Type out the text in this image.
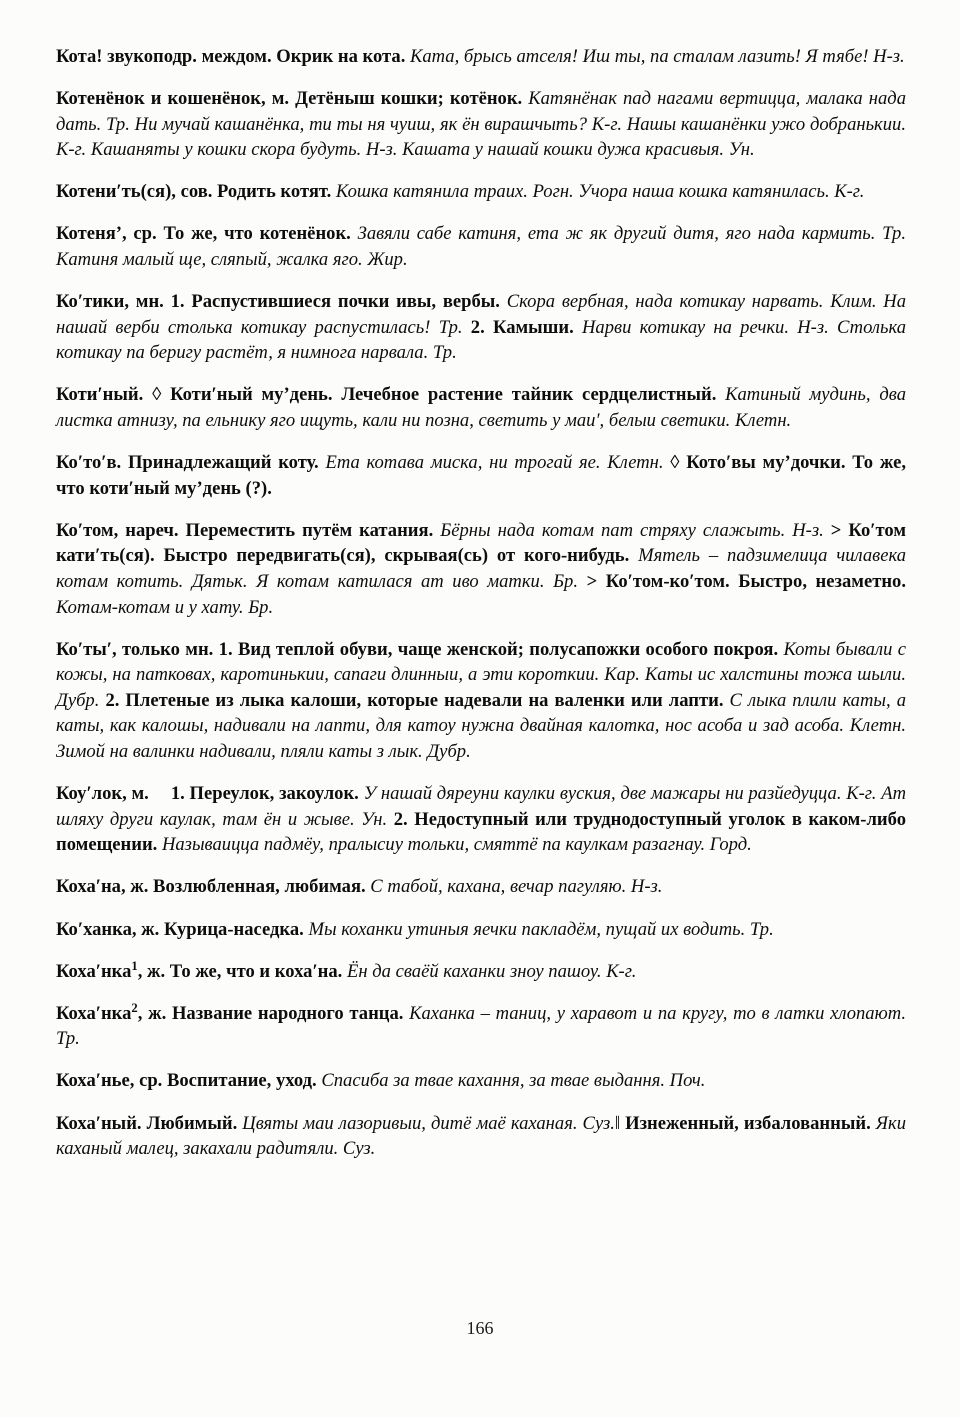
Кота! звукоподр. междом. Окрик на кота. Ката, брысь атселя! Иш ты, па сталам лазить! Я тябе! Н-з.

Котенёнок и кошенёнок, м. Детёныш кошки; котёнок. Катянёнак пад нагами вертицца, малака нада дать. Тр. Ни мучай кашанёнка, ти ты ня чуиш, як ён вирашчыть? К-г. Нашы кашанёнки ужо добранькии. К-г. Кашаняты у кошки скора будуть. Н-з. Кашата у нашай кошки дужа красивыя. Ун.

Котени′ть(ся), сов. Родить котят. Кошка катянила траих. Рогн. Учора наша кошка катянилась. К-г.

Котеня’, ср. То же, что котенёнок. Завяли сабе катиня, ета ж як другий дитя, яго нада кармить. Тр. Катиня малый ще, сляпый, жалка яго. Жир.

Ко′тики, мн. 1. Распустившиеся почки ивы, вербы. Скора вербная, нада котикау нарвать. Клим. На нашай верби столька котикау распустилась! Тр. 2. Камыши. Нарви котикау на речки. Н-з. Столька котикау па беригу растёт, я нимнога нарвала. Тр.

Коти′ный. ◊ Коти′ный му’день. Лечебное растение тайник сердцелистный. Катиный мудинь, два листка атнизу, па ельнику яго ищуть, кали ни позна, светить у маи′, белыи светики. Клетн.

Ко′то′в. Принадлежащий коту. Ета котава миска, ни трогай яе. Клетн. ◊ Кото′вы му’дочки. То же, что коти′ный му’день (?).

Ко′том, нареч. Переместить путём катания. Бёрны нада котам пат стряху слажыть. Н-з. > Ко′том кати′ть(ся). Быстро передвигать(ся), скрывая(сь) от кого-нибудь. Мятель – падзимелица чилавека котам котить. Дятьк. Я котам катилася ат иво матки. Бр. > Ко′том-ко′том. Быстро, незаметно. Котам-котам и у хату. Бр.

Ко′ты′, только мн. 1. Вид теплой обуви, чаще женской; полусапожки особого покроя. Коты бывали с кожы, на патковах, каротинькии, сапаги длинныи, а эти короткии. Кар. Каты ис халстины тожа шыли. Дубр. 2. Плетеные из лыка калоши, которые надевали на валенки или лапти. С лыка плили каты, а каты, как калошы, надивали на лапти, для катоу нужна двайная калотка, нос асоба и зад асоба. Клетн. Зимой на валинки надивали, пляли каты з лык. Дубр.

Коу′лок, м. 1. Переулок, закоулок. У нашай дяреуни каулки вуския, две мажары ни разйедуцца. К-г. Ат шляху други каулак, там ён и жыве. Ун. 2. Недоступный или труднодоступный уголок в каком-либо помещении. Называицца падмёу, пралысиу тольки, смяттё па каулкам разагнау. Горд.

Коха′на, ж. Возлюбленная, любимая. С табой, кахана, вечар пагуляю. Н-з.

Ко′ханка, ж. Курица-наседка. Мы коханки утиныя яечки пакладём, пущай их водить. Тр.

Коха′нка$^1$, ж. То же, что и коха′на. Ён да сваёй каханки зноу пашоу. К-г.

Коха′нка$^2$, ж. Название народного танца. Каханка – таниц, у харавот и па кругу, то в латки хлопают. Тр.

Коха′нье, ср. Воспитание, уход. Спасиба за твае кахання, за твае выдання. Поч.

Коха′ный. Любимый. Цвяты маи лазоривыи, дитё маё каханая. Суз.‖ Изнеженный, избалованный. Яки каханый малец, закахали радитяли. Суз.

166
